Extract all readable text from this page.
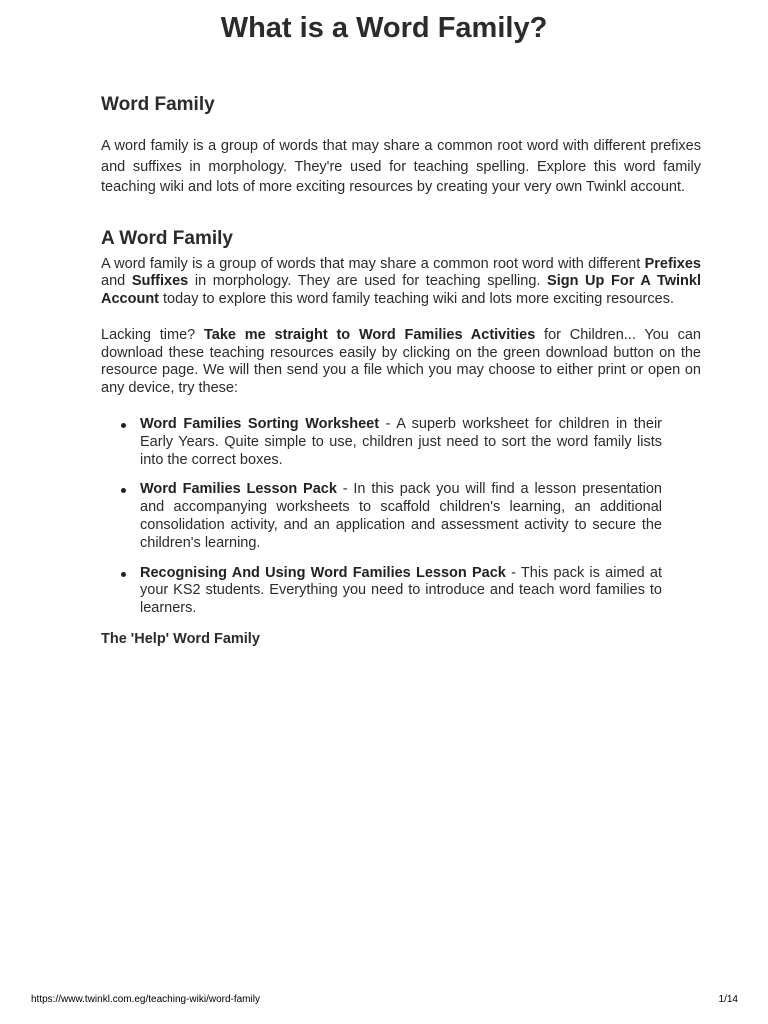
What is a Word Family?
Word Family

A word family is a group of words that may share a common root word with different prefixes and suffixes in morphology. They're used for teaching spelling. Explore this word family teaching wiki and lots of more exciting resources by creating your very own Twinkl account.

A Word Family

A word family is a group of words that may share a common root word with different Prefixes and Suffixes in morphology. They are used for teaching spelling. Sign Up For A Twinkl Account today to explore this word family teaching wiki and lots more exciting resources.

Lacking time? Take me straight to Word Families Activities for Children... You can download these teaching resources easily by clicking on the green download button on the resource page. We will then send you a file which you may choose to either print or open on any device, try these:

Word Families Sorting Worksheet - A superb worksheet for children in their Early Years. Quite simple to use, children just need to sort the word family lists into the correct boxes.
Word Families Lesson Pack - In this pack you will find a lesson presentation and accompanying worksheets to scaffold children's learning, an additional consolidation activity, and an application and assessment activity to secure the children's learning.
Recognising And Using Word Families Lesson Pack - This pack is aimed at your KS2 students. Everything you need to introduce and teach word families to learners.
The 'Help' Word Family
https://www.twinkl.com.eg/teaching-wiki/word-family	1/14
